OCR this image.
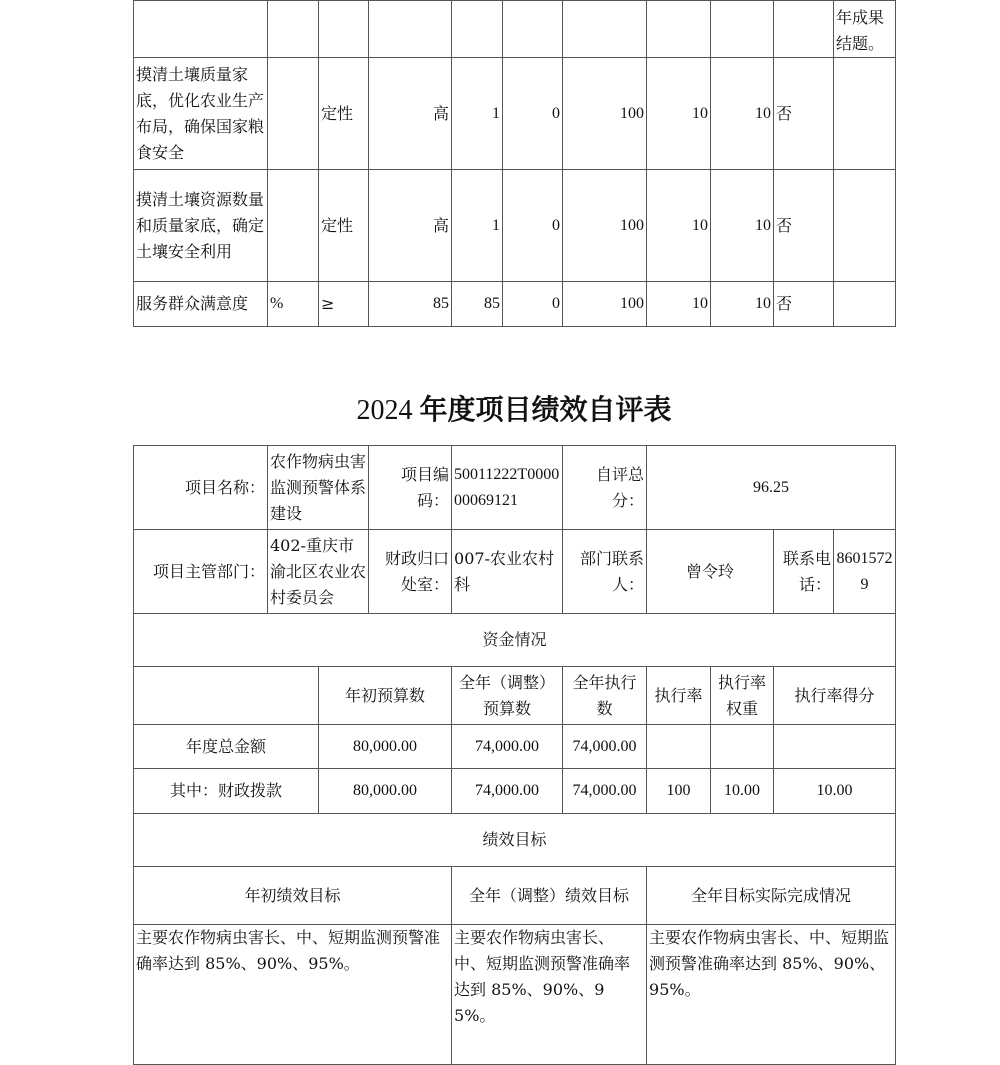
										年成果结题。
摸清土壤质量家底，优化农业生产布局，确保国家粮食安全		定性	高	1	0	100	10	10	否	
摸清土壤资源数量和质量家底，确定土壤安全利用		定性	高	1	0	100	10	10	否	
服务群众满意度	%	≥	85	85	0	100	10	10	否	
2024 年度项目绩效自评表
项目名称：	农作物病虫害监测预警体系建设		项目编码：	50011222T000000069121	自评总分：	96.25			
项目主管部门：	402-重庆市渝北区农业农村委员会		财政归口处室：	007-农业农村科	部门联系人：	曾令玲		联系电话：	86015729
资金情况									
		年初预算数		全年（调整）预算数	全年执行数	执行率	执行率权重	执行率得分	
年度总金额		80,000.00		74,000.00	74,000.00				
其中：财政拨款		80,000.00		74,000.00	74,000.00	100	10.00	10.00	
绩效目标									
年初绩效目标				全年（调整）绩效目标		全年目标实际完成情况			
主要农作物病虫害长、中、短期监测预警准确率达到 85%、90%、95%。				主要农作物病虫害长、中、短期监测预警准确率达到 85%、90%、95%。		主要农作物病虫害长、中、短期监测预警准确率达到 85%、90%、95%。			
